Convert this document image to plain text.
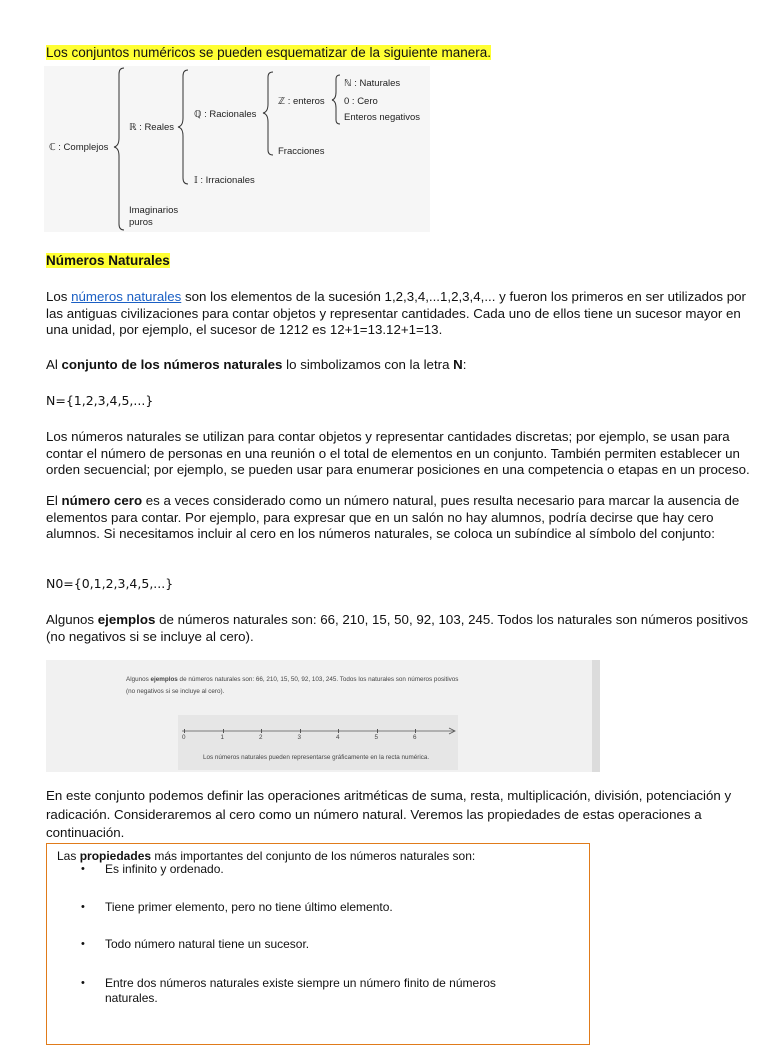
Los conjuntos numéricos se pueden esquematizar de la siguiente manera.
ℂ : Complejos
ℝ : Reales
ℚ : Racionales
ℤ : enteros
ℕ : Naturales
0 : Cero
Enteros negativos
Fracciones
𝕀 : Irracionales
Imaginarios
puros
Números Naturales

Los números naturales son los elementos de la sucesión 1,2,3,4,...1,2,3,4,... y fueron los primeros en ser utilizados por las antiguas civilizaciones para contar objetos y representar cantidades. Cada uno de ellos tiene un sucesor mayor en una unidad, por ejemplo, el sucesor de 1212 es 12+1=13.12+1=13.

Al conjunto de los números naturales lo simbolizamos con la letra N:

N={1,2,3,4,5,...}

Los números naturales se utilizan para contar objetos y representar cantidades discretas; por ejemplo, se usan para contar el número de personas en una reunión o el total de elementos en un conjunto. También permiten establecer un orden secuencial; por ejemplo, se pueden usar para enumerar posiciones en una competencia o etapas en un proceso.

El número cero es a veces considerado como un número natural, pues resulta necesario para marcar la ausencia de elementos para contar. Por ejemplo, para expresar que en un salón no hay alumnos, podría decirse que hay cero alumnos. Si necesitamos incluir al cero en los números naturales, se coloca un subíndice al símbolo del conjunto:

N0={0,1,2,3,4,5,...}

Algunos ejemplos de números naturales son: 66, 210, 15, 50, 92, 103, 245. Todos los naturales son números positivos (no negativos si se incluye al cero).

Algunos ejemplos de números naturales son: 66, 210, 15, 50, 92, 103, 245. Todos los naturales son números positivos
(no negativos si se incluye al cero).
0	1	2	3	4	5	6
Los números naturales pueden representarse gráficamente en la recta numérica.

En este conjunto podemos definir las operaciones aritméticas de suma, resta, multiplicación, división, potenciación y radicación. Consideraremos al cero como un número natural. Veremos las propiedades de estas operaciones a continuación.

Las propiedades más importantes del conjunto de los números naturales son:
• Es infinito y ordenado.
• Tiene primer elemento, pero no tiene último elemento.
• Todo número natural tiene un sucesor.
• Entre dos números naturales existe siempre un número finito de números naturales.
